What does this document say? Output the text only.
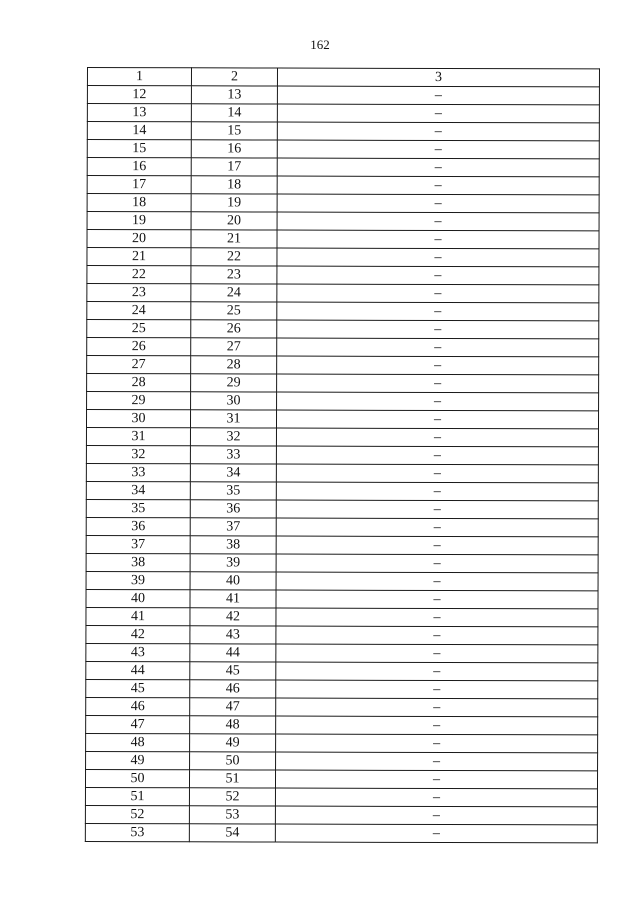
162
1	2	3
12	13	–
13	14	–
14	15	–
15	16	–
16	17	–
17	18	–
18	19	–
19	20	–
20	21	–
21	22	–
22	23	–
23	24	–
24	25	–
25	26	–
26	27	–
27	28	–
28	29	–
29	30	–
30	31	–
31	32	–
32	33	–
33	34	–
34	35	–
35	36	–
36	37	–
37	38	–
38	39	–
39	40	–
40	41	–
41	42	–
42	43	–
43	44	–
44	45	–
45	46	–
46	47	–
47	48	–
48	49	–
49	50	–
50	51	–
51	52	–
52	53	–
53	54	–
